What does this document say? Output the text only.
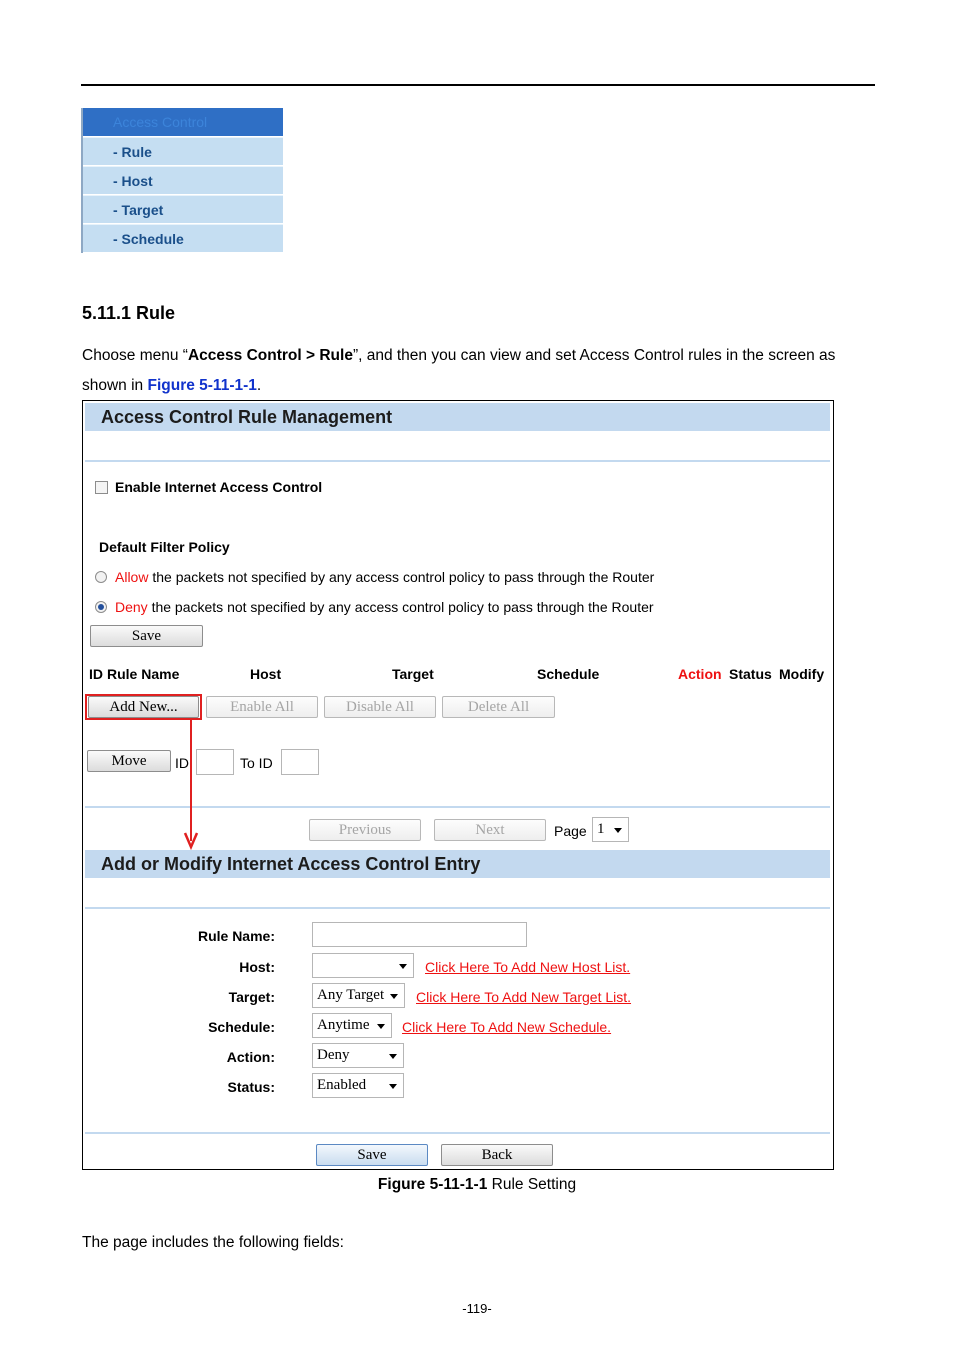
Access Control
- Rule
- Host
- Target
- Schedule
5.11.1 Rule
Choose menu “Access Control > Rule”, and then you can view and set Access Control rules in the screen as
shown in Figure 5-11-1-1.
Access Control Rule Management
Enable Internet Access Control
Default Filter Policy
Allow the packets not specified by any access control policy to pass through the Router
Deny the packets not specified by any access control policy to pass through the Router
Save
ID Rule Name	Host	Target	Schedule	Action Status Modify
Add New...	Enable All	Disable All	Delete All
Move	ID	To ID
Previous	Next	Page 1
Add or Modify Internet Access Control Entry
Rule Name:
Host:	Click Here To Add New Host List.
Target:	Any Target	Click Here To Add New Target List.
Schedule:	Anytime	Click Here To Add New Schedule.
Action:	Deny
Status:	Enabled
Save	Back
Figure 5-11-1-1 Rule Setting
The page includes the following fields:
-119-
